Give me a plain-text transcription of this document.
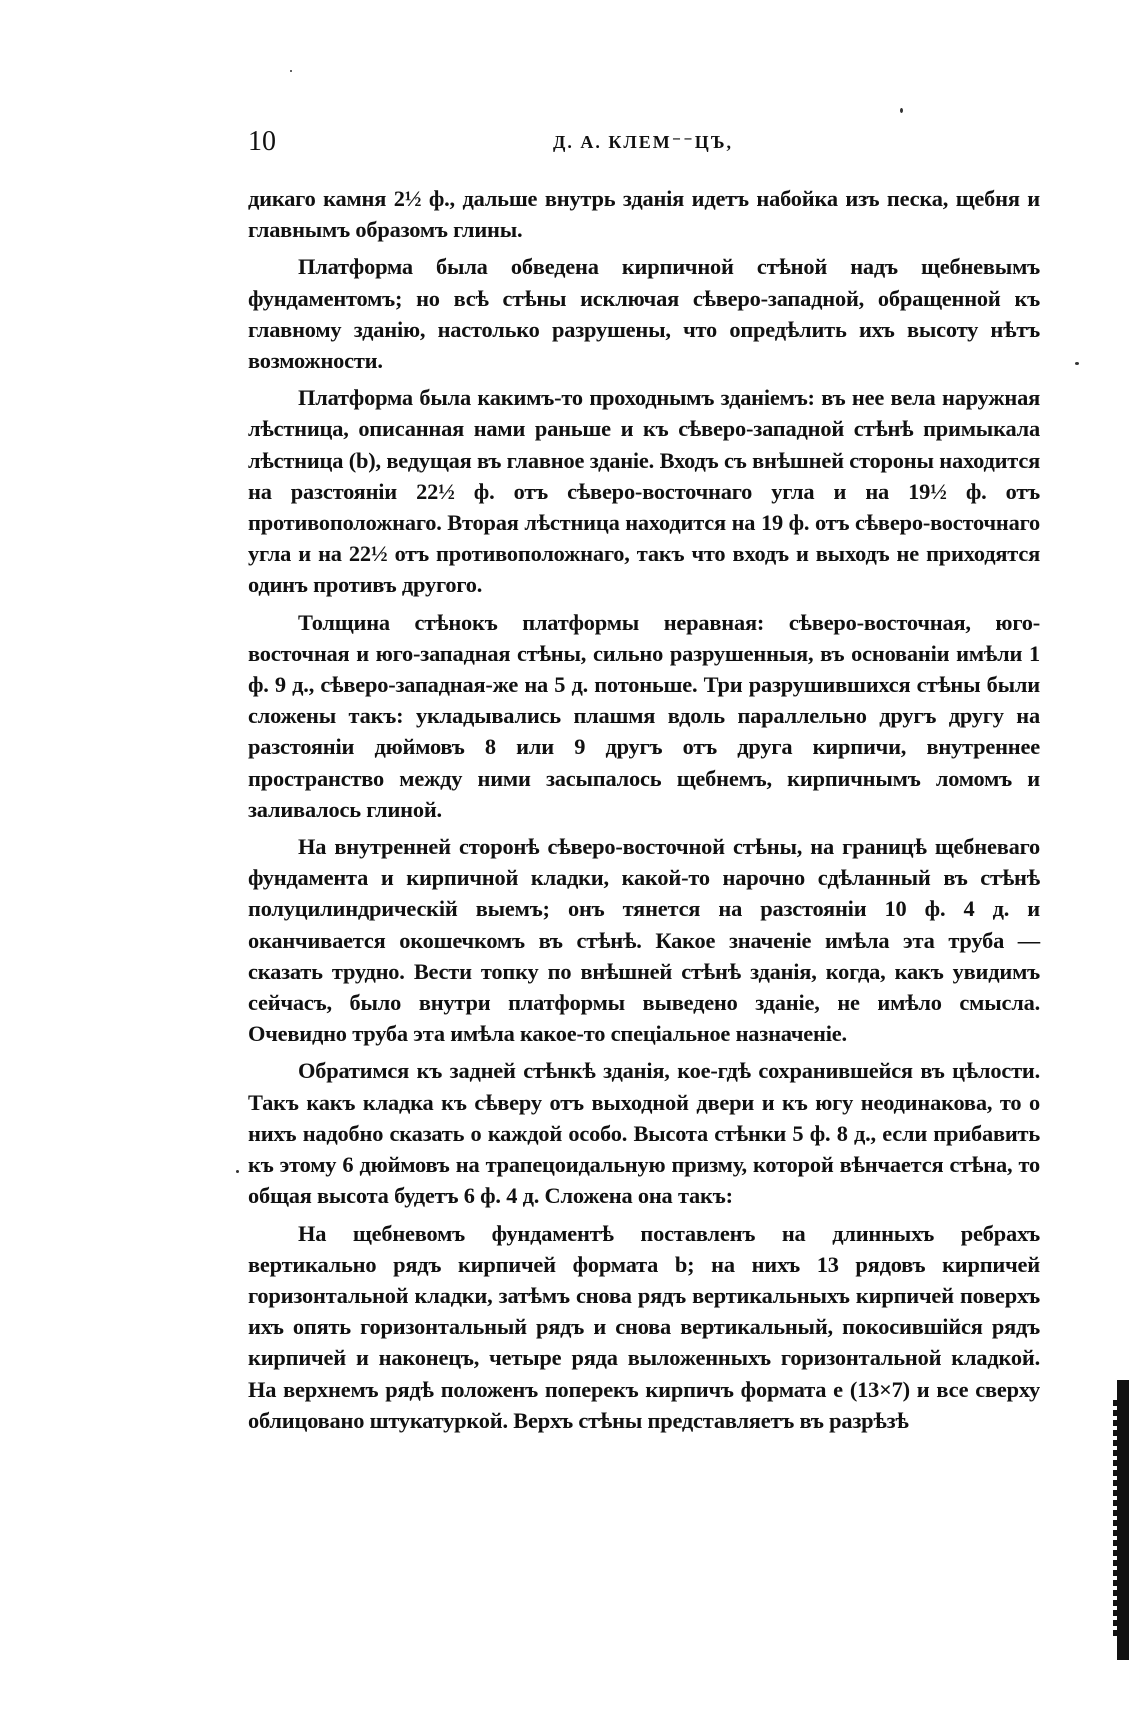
10	Д. А. КЛЕМ⁻⁻ЦЪ,

дикаго камня 2½ ф., дальше внутрь зданія идетъ набойка изъ песка, щебня и главнымъ образомъ глины.

Платформа была обведена кирпичной стѣной надъ щебневымъ фундаментомъ; но всѣ стѣны исключая сѣверо-западной, обращенной къ главному зданію, настолько разрушены, что опредѣлить ихъ высоту нѣтъ возможности.

Платформа была какимъ-то проходнымъ зданіемъ: въ нее вела наружная лѣстница, описанная нами раньше и къ сѣверо-западной стѣнѣ примыкала лѣстница (b), ведущая въ главное зданіе. Входъ съ внѣшней стороны находится на разстояніи 22½ ф. отъ сѣверо-восточнаго угла и на 19½ ф. отъ противоположнаго. Вторая лѣстница находится на 19 ф. отъ сѣверо-восточнаго угла и на 22½ отъ противоположнаго, такъ что входъ и выходъ не приходятся одинъ противъ другого.

Толщина стѣнокъ платформы неравная: сѣверо-восточная, юго-восточная и юго-западная стѣны, сильно разрушенныя, въ основаніи имѣли 1 ф. 9 д., сѣверо-западная-же на 5 д. потоньше. Три разрушившихся стѣны были сложены такъ: укладывались плашмя вдоль параллельно другъ другу на разстояніи дюймовъ 8 или 9 другъ отъ друга кирпичи, внутреннее пространство между ними засыпалось щебнемъ, кирпичнымъ ломомъ и заливалось глиной.

На внутренней сторонѣ сѣверо-восточной стѣны, на границѣ щебневаго фундамента и кирпичной кладки, какой-то нарочно сдѣланный въ стѣнѣ полуцилиндрическій выемъ; онъ тянется на разстояніи 10 ф. 4 д. и оканчивается окошечкомъ въ стѣнѣ. Какое значеніе имѣла эта труба — сказать трудно. Вести топку по внѣшней стѣнѣ зданія, когда, какъ увидимъ сейчасъ, было внутри платформы выведено зданіе, не имѣло смысла. Очевидно труба эта имѣла какое-то спеціальное назначеніе.

Обратимся къ задней стѣнкѣ зданія, кое-гдѣ сохранившейся въ цѣлости. Такъ какъ кладка къ сѣверу отъ выходной двери и къ югу неодинакова, то о нихъ надобно сказать о каждой особо. Высота стѣнки 5 ф. 8 д., если прибавить къ этому 6 дюймовъ на трапецоидальную призму, которой вѣнчается стѣна, то общая высота будетъ 6 ф. 4 д. Сложена она такъ:

На щебневомъ фундаментѣ поставленъ на длинныхъ ребрахъ вертикально рядъ кирпичей формата b; на нихъ 13 рядовъ кирпичей горизонтальной кладки, затѣмъ снова рядъ вертикальныхъ кирпичей поверхъ ихъ опять горизонтальный рядъ и снова вертикальный, покосившійся рядъ кирпичей и наконецъ, четыре ряда выложенныхъ горизонтальной кладкой. На верхнемъ рядѣ положенъ поперекъ кирпичъ формата e (13×7) и все сверху облицовано штукатуркой. Верхъ стѣны представляетъ въ разрѣзѣ
